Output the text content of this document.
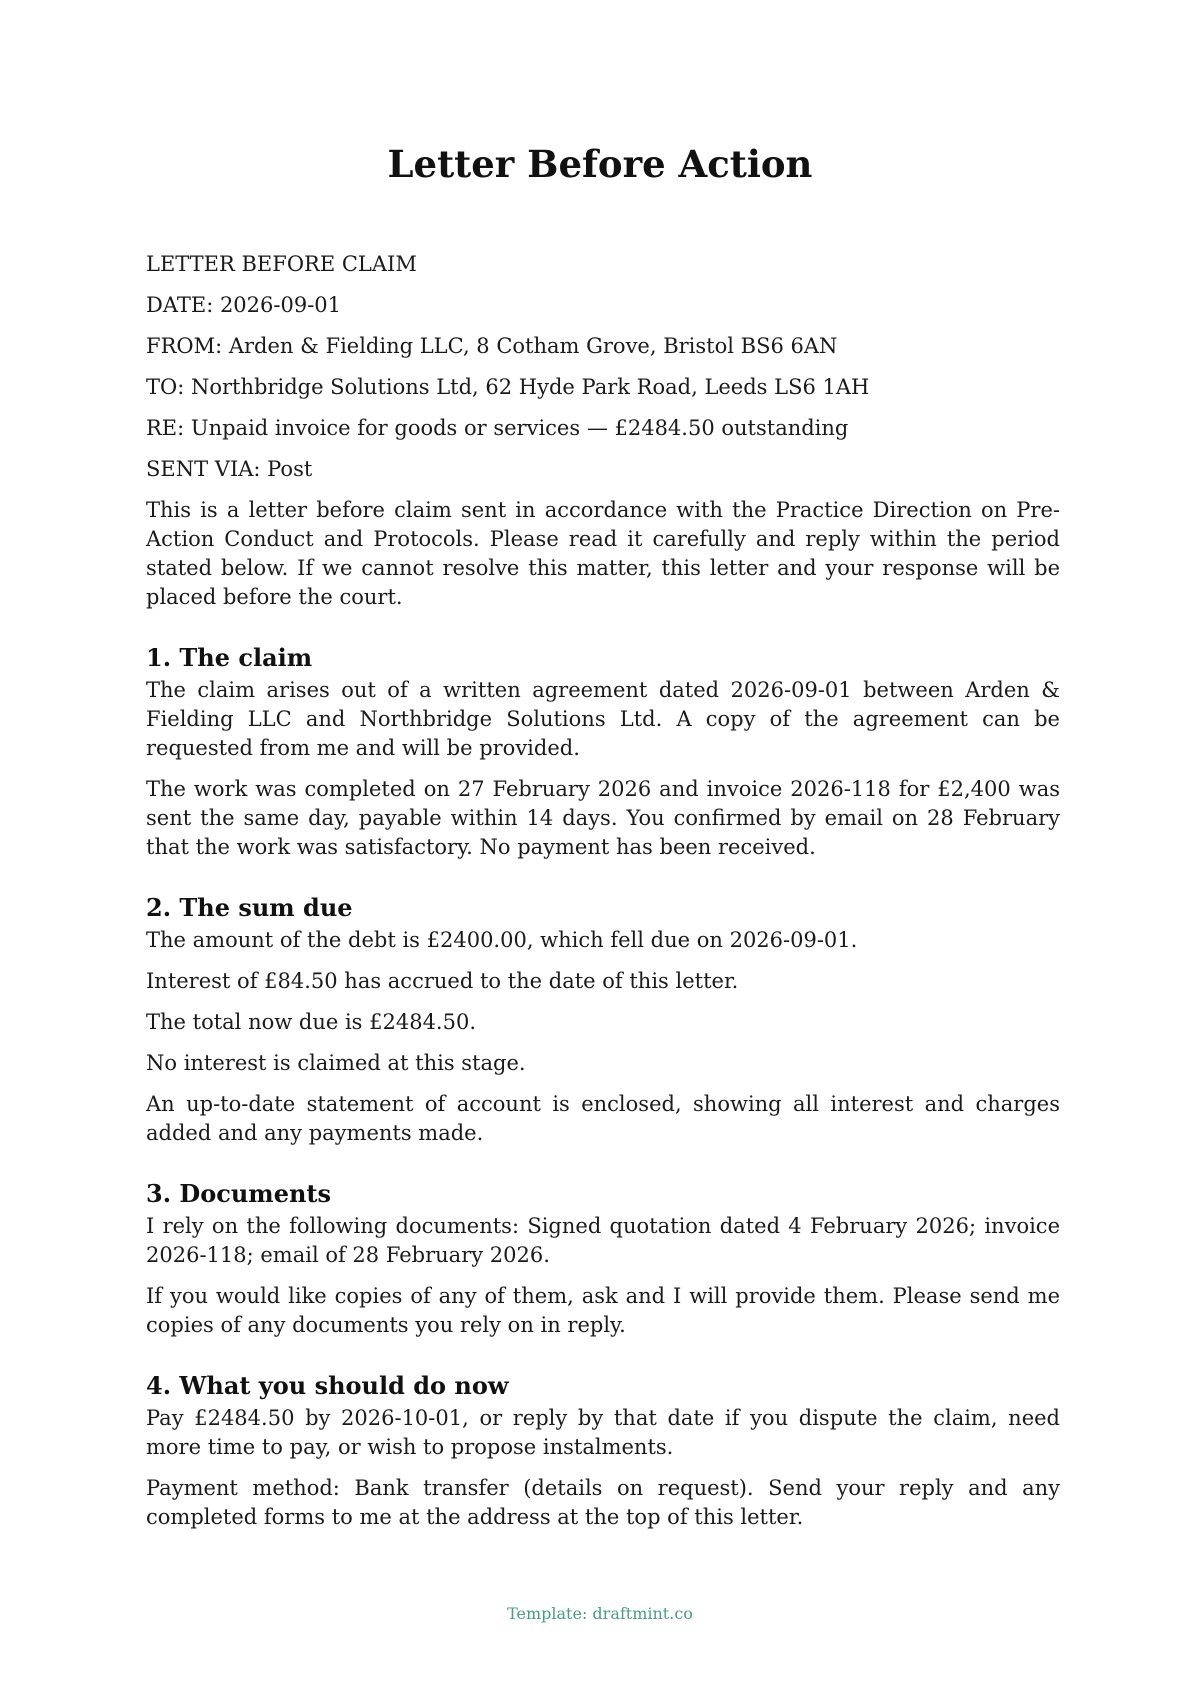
Letter Before Action

LETTER BEFORE CLAIM

DATE: 2026-09-01

FROM: Arden & Fielding LLC, 8 Cotham Grove, Bristol BS6 6AN

TO: Northbridge Solutions Ltd, 62 Hyde Park Road, Leeds LS6 1AH

RE: Unpaid invoice for goods or services — £2484.50 outstanding

SENT VIA: Post

This is a letter before claim sent in accordance with the Practice Direction on Pre-Action Conduct and Protocols. Please read it carefully and reply within the period stated below. If we cannot resolve this matter, this letter and your response will be placed before the court.

1. The claim

The claim arises out of a written agreement dated 2026-09-01 between Arden & Fielding LLC and Northbridge Solutions Ltd. A copy of the agreement can be requested from me and will be provided.

The work was completed on 27 February 2026 and invoice 2026-118 for £2,400 was sent the same day, payable within 14 days. You confirmed by email on 28 February that the work was satisfactory. No payment has been received.

2. The sum due

The amount of the debt is £2400.00, which fell due on 2026-09-01.

Interest of £84.50 has accrued to the date of this letter.

The total now due is £2484.50.

No interest is claimed at this stage.

An up-to-date statement of account is enclosed, showing all interest and charges added and any payments made.

3. Documents

I rely on the following documents: Signed quotation dated 4 February 2026; invoice 2026-118; email of 28 February 2026.

If you would like copies of any of them, ask and I will provide them. Please send me copies of any documents you rely on in reply.

4. What you should do now

Pay £2484.50 by 2026-10-01, or reply by that date if you dispute the claim, need more time to pay, or wish to propose instalments.

Payment method: Bank transfer (details on request). Send your reply and any completed forms to me at the address at the top of this letter.

Template: draftmint.co
